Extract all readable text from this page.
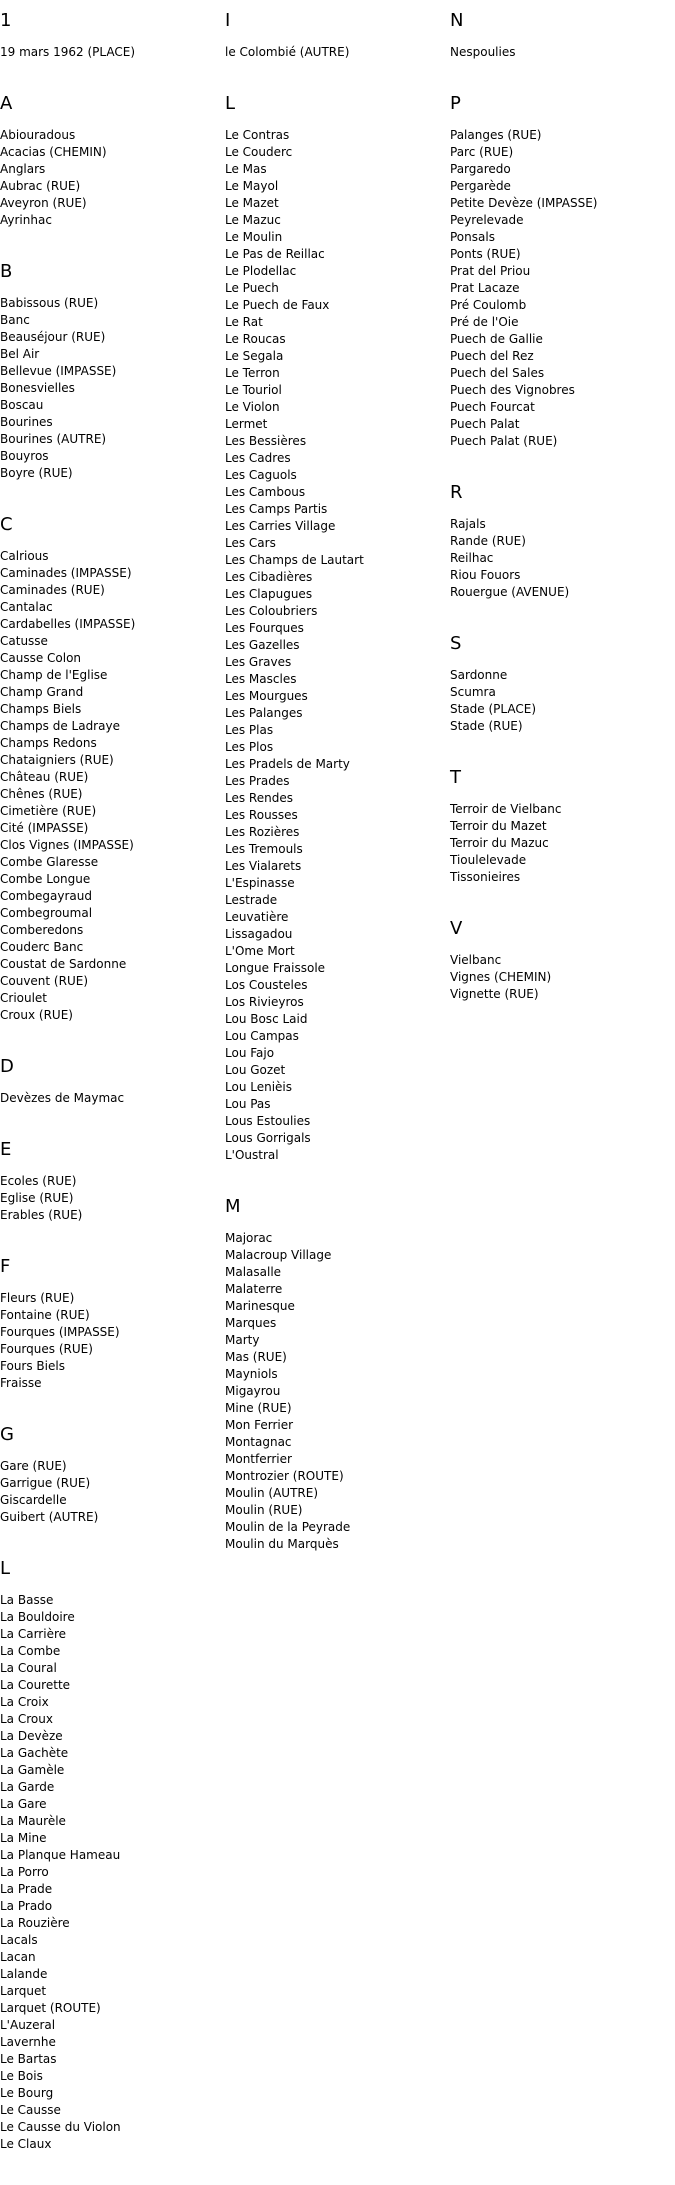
1
19 mars 1962 (PLACE)
A
Abiouradous
Acacias (CHEMIN)
Anglars
Aubrac (RUE)
Aveyron (RUE)
Ayrinhac
B
Babissous (RUE)
Banc
Beauséjour (RUE)
Bel Air
Bellevue (IMPASSE)
Bonesvielles
Boscau
Bourines
Bourines (AUTRE)
Bouyros
Boyre (RUE)
C
Calrious
Caminades (IMPASSE)
Caminades (RUE)
Cantalac
Cardabelles (IMPASSE)
Catusse
Causse Colon
Champ de l'Eglise
Champ Grand
Champs Biels
Champs de Ladraye
Champs Redons
Chataigniers (RUE)
Château (RUE)
Chênes (RUE)
Cimetière (RUE)
Cité (IMPASSE)
Clos Vignes (IMPASSE)
Combe Glaresse
Combe Longue
Combegayraud
Combegroumal
Comberedons
Couderc Banc
Coustat de Sardonne
Couvent (RUE)
Crioulet
Croux (RUE)
D
Devèzes de Maymac
E
Ecoles (RUE)
Eglise (RUE)
Erables (RUE)
F
Fleurs (RUE)
Fontaine (RUE)
Fourques (IMPASSE)
Fourques (RUE)
Fours Biels
Fraisse
G
Gare (RUE)
Garrigue (RUE)
Giscardelle
Guibert (AUTRE)
L
La Basse
La Bouldoire
La Carrière
La Combe
La Coural
La Courette
La Croix
La Croux
La Devèze
La Gachète
La Gamèle
La Garde
La Gare
La Maurèle
La Mine
La Planque Hameau
La Porro
La Prade
La Prado
La Rouzière
Lacals
Lacan
Lalande
Larquet
Larquet (ROUTE)
L'Auzeral
Lavernhe
Le Bartas
Le Bois
Le Bourg
Le Causse
Le Causse du Violon
Le Claux
I
le Colombié (AUTRE)
L
Le Contras
Le Couderc
Le Mas
Le Mayol
Le Mazet
Le Mazuc
Le Moulin
Le Pas de Reillac
Le Plodellac
Le Puech
Le Puech de Faux
Le Rat
Le Roucas
Le Segala
Le Terron
Le Touriol
Le Violon
Lermet
Les Bessières
Les Cadres
Les Caguols
Les Cambous
Les Camps Partis
Les Carries Village
Les Cars
Les Champs de Lautart
Les Cibadières
Les Clapugues
Les Coloubriers
Les Fourques
Les Gazelles
Les Graves
Les Mascles
Les Mourgues
Les Palanges
Les Plas
Les Plos
Les Pradels de Marty
Les Prades
Les Rendes
Les Rousses
Les Rozières
Les Tremouls
Les Vialarets
L'Espinasse
Lestrade
Leuvatière
Lissagadou
L'Ome Mort
Longue Fraissole
Los Cousteles
Los Rivieyros
Lou Bosc Laid
Lou Campas
Lou Fajo
Lou Gozet
Lou Lenièis
Lou Pas
Lous Estoulies
Lous Gorrigals
L'Oustral
M
Majorac
Malacroup Village
Malasalle
Malaterre
Marinesque
Marques
Marty
Mas (RUE)
Mayniols
Migayrou
Mine (RUE)
Mon Ferrier
Montagnac
Montferrier
Montrozier (ROUTE)
Moulin (AUTRE)
Moulin (RUE)
Moulin de la Peyrade
Moulin du Marquès
N
Nespoulies
P
Palanges (RUE)
Parc (RUE)
Pargaredo
Pergarède
Petite Devèze (IMPASSE)
Peyrelevade
Ponsals
Ponts (RUE)
Prat del Priou
Prat Lacaze
Pré Coulomb
Pré de l'Oie
Puech de Gallie
Puech del Rez
Puech del Sales
Puech des Vignobres
Puech Fourcat
Puech Palat
Puech Palat (RUE)
R
Rajals
Rande (RUE)
Reilhac
Riou Fouors
Rouergue (AVENUE)
S
Sardonne
Scumra
Stade (PLACE)
Stade (RUE)
T
Terroir de Vielbanc
Terroir du Mazet
Terroir du Mazuc
Tioulelevade
Tissonieires
V
Vielbanc
Vignes (CHEMIN)
Vignette (RUE)
